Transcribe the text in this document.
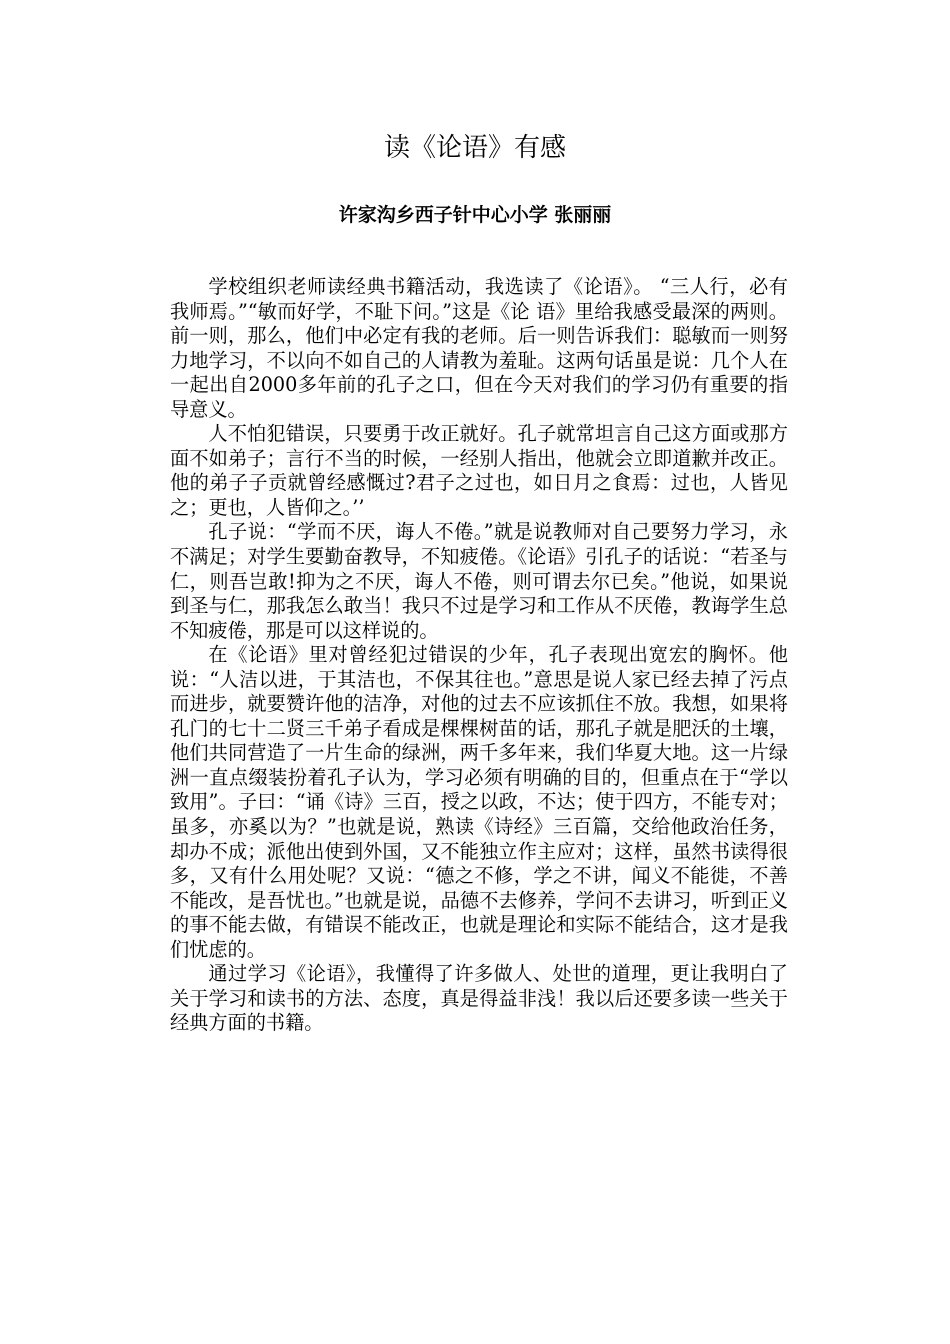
读《论语》有感
许家沟乡西子针中心小学 张丽丽

学校组织老师读经典书籍活动，我选读了《论语》。 “三人行，必有我师焉。”“敏而好学，不耻下问。”这是《论 语》里给我感受最深的两则。前一则，那么，他们中必定有我的老师。后一则告诉我们：聪敏而一则努力地学习，不以向不如自己的人请教为羞耻。这两句话虽是说：几个人在一起出自2000多年前的孔子之口，但在今天对我们的学习仍有重要的指导意义。

人不怕犯错误，只要勇于改正就好。孔子就常坦言自己这方面或那方面不如弟子；言行不当的时候，一经别人指出，他就会立即道歉并改正。他的弟子子贡就曾经感慨过?君子之过也，如日月之食焉：过也，人皆见之；更也，人皆仰之。’’

孔子说：“学而不厌，诲人不倦。”就是说教师对自己要努力学习，永不满足；对学生要勤奋教导，不知疲倦。《论语》引孔子的话说：“若圣与仁，则吾岂敢!抑为之不厌，诲人不倦，则可谓去尔已矣。”他说，如果说到圣与仁，那我怎么敢当！我只不过是学习和工作从不厌倦，教诲学生总不知疲倦，那是可以这样说的。

在《论语》里对曾经犯过错误的少年，孔子表现出宽宏的胸怀。他说：“人洁以进，于其洁也，不保其往也。”意思是说人家已经去掉了污点而进步，就要赞许他的洁净，对他的过去不应该抓住不放。我想，如果将孔门的七十二贤三千弟子看成是棵棵树苗的话，那孔子就是肥沃的土壤，他们共同营造了一片生命的绿洲，两千多年来，我们华夏大地。这一片绿洲一直点缀装扮着孔子认为，学习必须有明确的目的，但重点在于“学以致用”。子曰：“诵《诗》三百，授之以政，不达；使于四方，不能专对；虽多，亦奚以为？”也就是说，熟读《诗经》三百篇，交给他政治任务，却办不成；派他出使到外国，又不能独立作主应对；这样，虽然书读得很多，又有什么用处呢？又说：“德之不修，学之不讲，闻义不能徙，不善不能改，是吾忧也。”也就是说，品德不去修养，学问不去讲习，听到正义的事不能去做，有错误不能改正，也就是理论和实际不能结合，这才是我们忧虑的。

通过学习《论语》，我懂得了许多做人、处世的道理，更让我明白了关于学习和读书的方法、态度，真是得益非浅！我以后还要多读一些关于经典方面的书籍。
